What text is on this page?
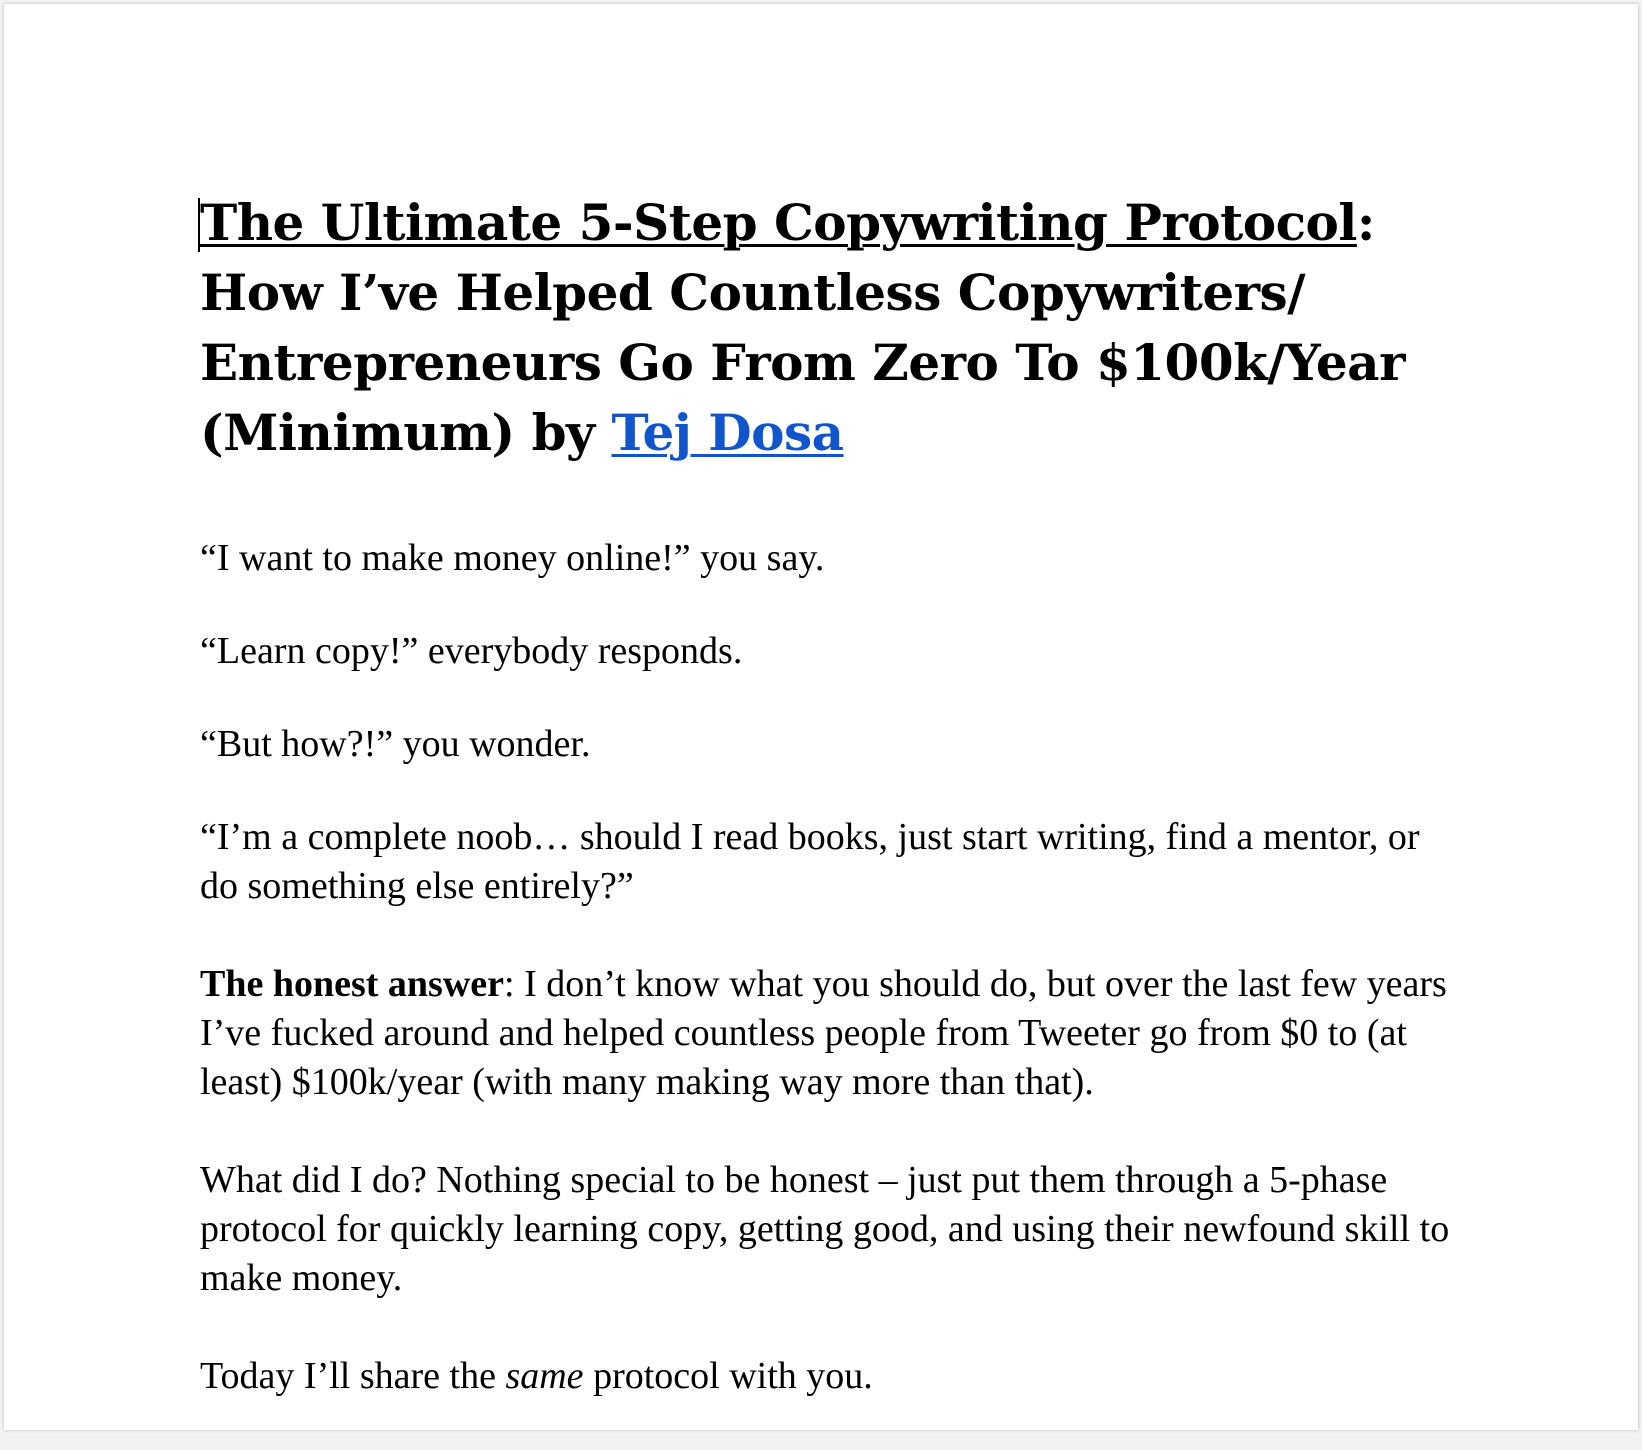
The Ultimate 5-Step Copywriting Protocol: How I’ve Helped Countless Copywriters/ Entrepreneurs Go From Zero To $100k/Year (Minimum) by Tej Dosa

“I want to make money online!” you say.

“Learn copy!” everybody responds.

“But how?!” you wonder.

“I’m a complete noob… should I read books, just start writing, find a mentor, or do something else entirely?”

The honest answer: I don’t know what you should do, but over the last few years I’ve fucked around and helped countless people from Tweeter go from $0 to (at least) $100k/year (with many making way more than that).

What did I do? Nothing special to be honest – just put them through a 5-phase protocol for quickly learning copy, getting good, and using their newfound skill to make money.

Today I’ll share the same protocol with you.
